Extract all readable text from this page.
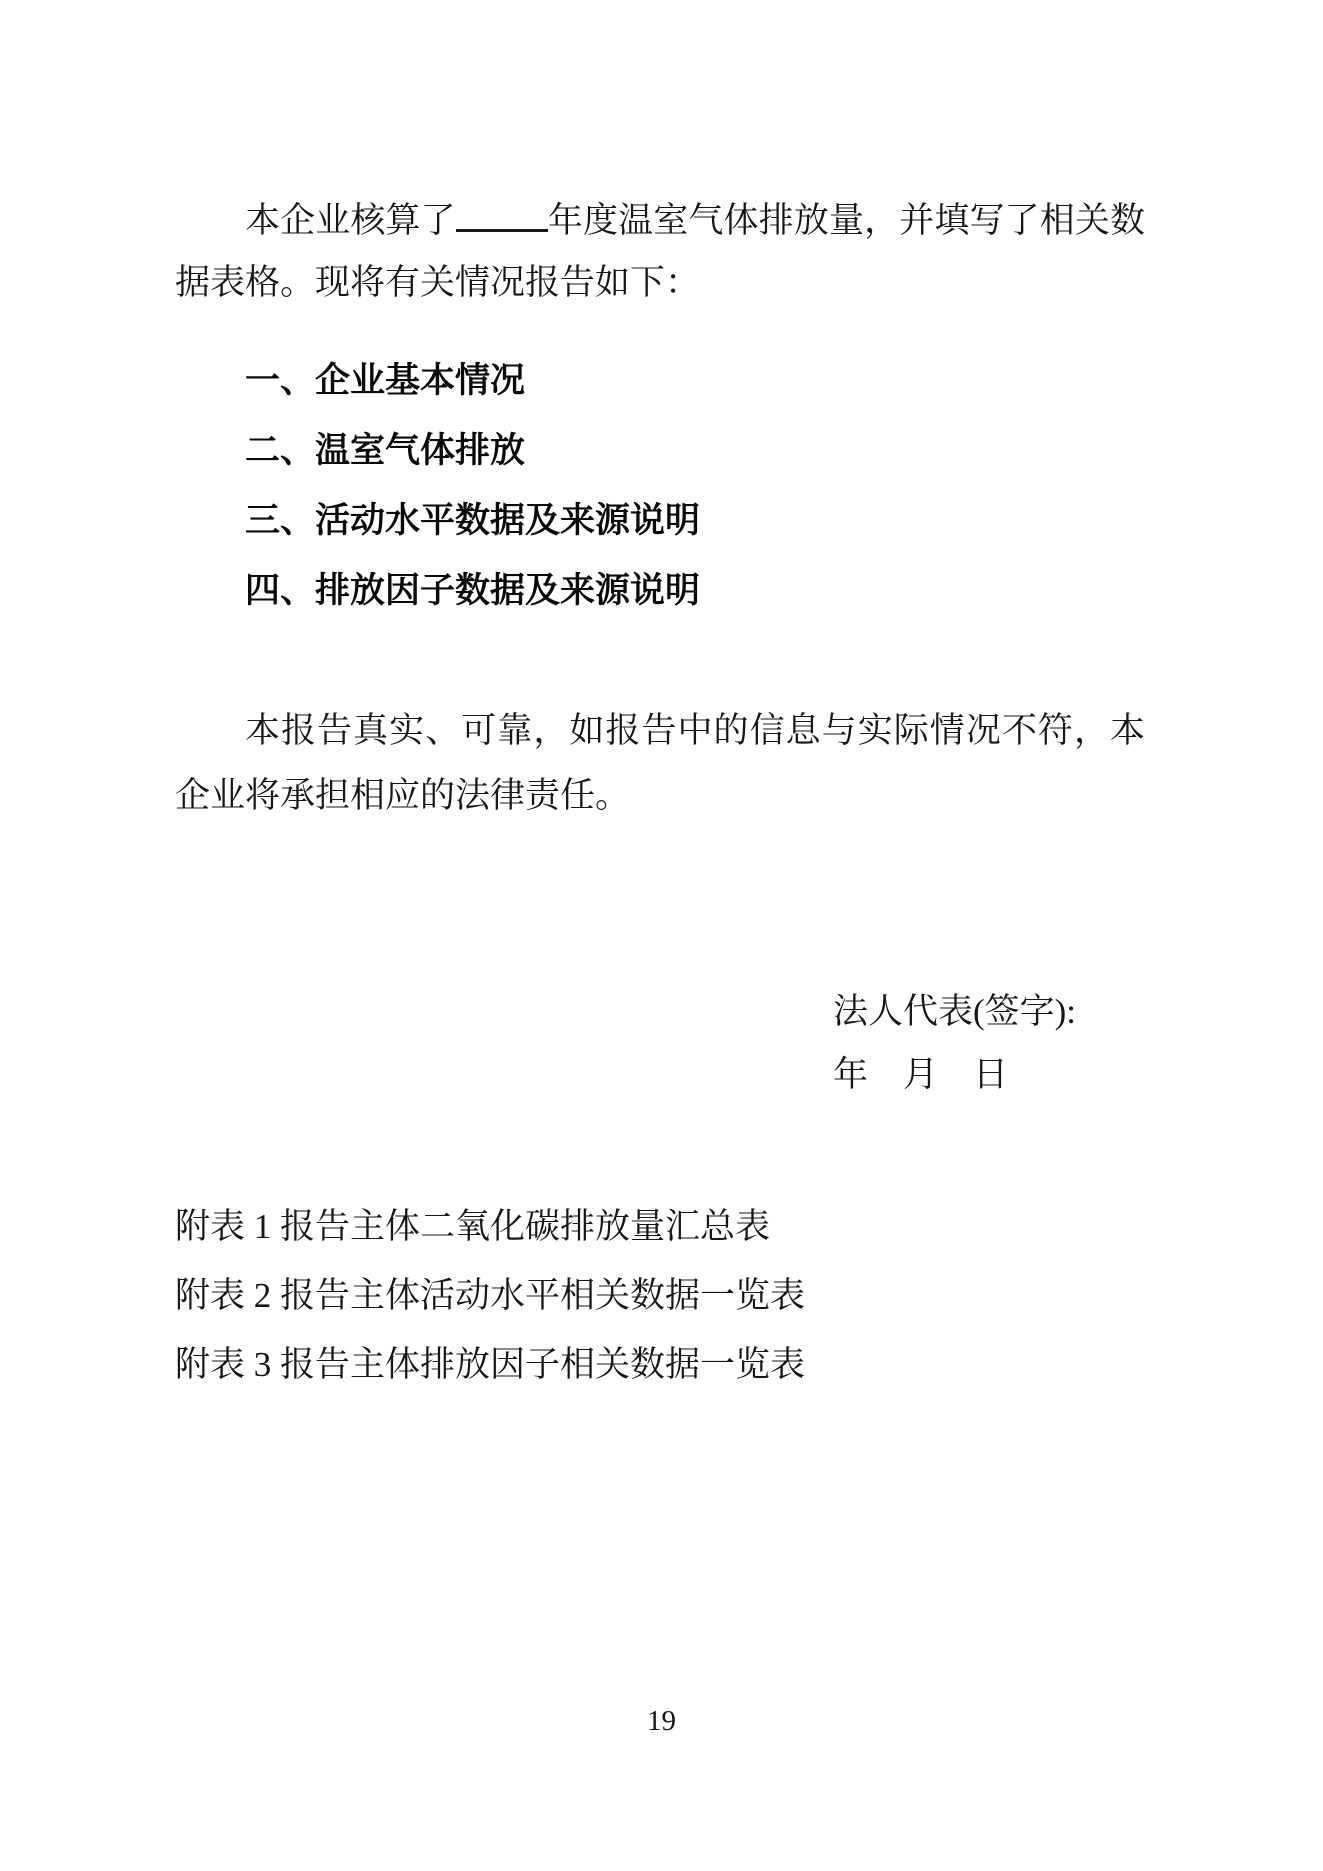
本企业核算了	年度温室气体排放量，并填写了相关数据表格。现将有关情况报告如下：

一、企业基本情况
二、温室气体排放
三、活动水平数据及来源说明
四、排放因子数据及来源说明

本报告真实、可靠，如报告中的信息与实际情况不符，本企业将承担相应的法律责任。

法人代表(签字):
年　月　日
附表 1 报告主体二氧化碳排放量汇总表
附表 2 报告主体活动水平相关数据一览表
附表 3 报告主体排放因子相关数据一览表
19
